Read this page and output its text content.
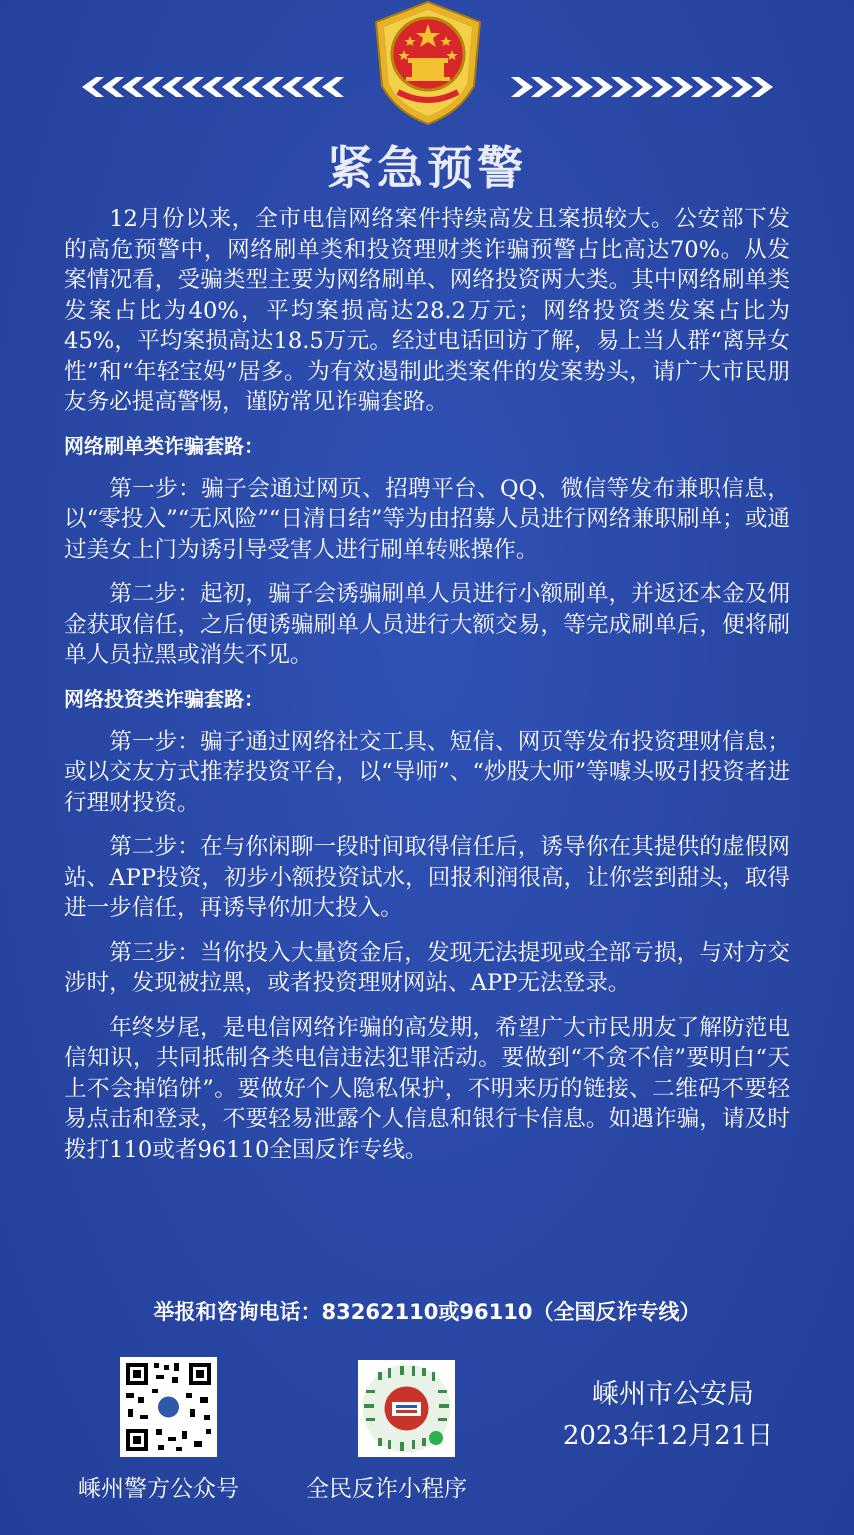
紧急预警

12月份以来，全市电信网络案件持续高发且案损较大。公安部下发的高危预警中，网络刷单类和投资理财类诈骗预警占比高达70%。从发案情况看，受骗类型主要为网络刷单、网络投资两大类。其中网络刷单类发案占比为40%，平均案损高达28.2万元；网络投资类发案占比为45%，平均案损高达18.5万元。经过电话回访了解，易上当人群“离异女性”和“年轻宝妈”居多。为有效遏制此类案件的发案势头，请广大市民朋友务必提高警惕，谨防常见诈骗套路。

网络刷单类诈骗套路：

第一步：骗子会通过网页、招聘平台、QQ、微信等发布兼职信息，以“零投入”“无风险”“日清日结”等为由招募人员进行网络兼职刷单；或通过美女上门为诱引导受害人进行刷单转账操作。

第二步：起初，骗子会诱骗刷单人员进行小额刷单，并返还本金及佣金获取信任，之后便诱骗刷单人员进行大额交易，等完成刷单后，便将刷单人员拉黑或消失不见。

网络投资类诈骗套路：

第一步：骗子通过网络社交工具、短信、网页等发布投资理财信息；或以交友方式推荐投资平台，以“导师”、“炒股大师”等噱头吸引投资者进行理财投资。

第二步：在与你闲聊一段时间取得信任后，诱导你在其提供的虚假网站、APP投资，初步小额投资试水，回报利润很高，让你尝到甜头，取得进一步信任，再诱导你加大投入。

第三步：当你投入大量资金后，发现无法提现或全部亏损，与对方交涉时，发现被拉黑，或者投资理财网站、APP无法登录。

年终岁尾，是电信网络诈骗的高发期，希望广大市民朋友了解防范电信知识，共同抵制各类电信违法犯罪活动。要做到“不贪不信”要明白“天上不会掉馅饼”。要做好个人隐私保护，不明来历的链接、二维码不要轻易点击和登录，不要轻易泄露个人信息和银行卡信息。如遇诈骗，请及时拨打110或者96110全国反诈专线。

举报和咨询电话：83262110或96110（全国反诈专线）
嵊州警方公众号	全民反诈小程序
嵊州市公安局
2023年12月21日
